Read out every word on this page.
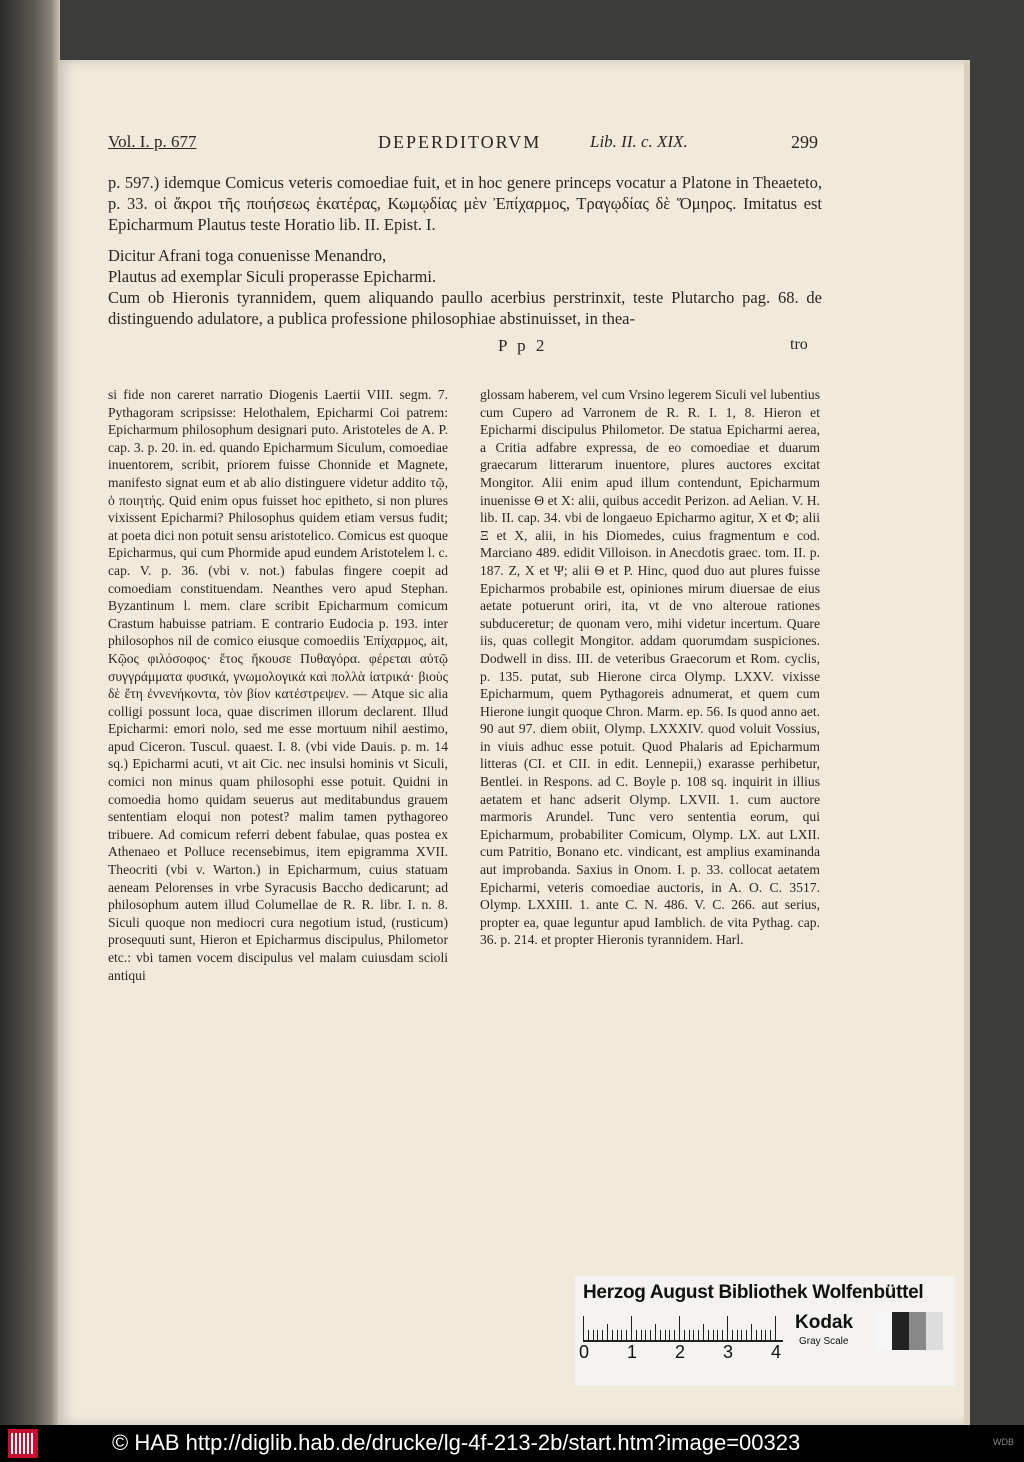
Vol. I. p. 677	DEPERDITORVM	Lib. II. c. XIX.	299

p. 597.) idemque Comicus veteris comoediae fuit, et in hoc genere princeps vocatur a Platone in Theaeteto, p. 33. οἱ ἄκροι τῆς ποιήσεως ἑκατέρας, Κωμῳδίας μὲν Ἐπίχαρμος, Τραγῳδίας δὲ Ὅμηρος. Imitatus est Epicharmum Plautus teste Horatio lib. II. Epist. I.

Dicitur Afrani toga conuenisse Menandro,
Plautus ad exemplar Siculi properasse Epicharmi.

Cum ob Hieronis tyrannidem, quem aliquando paullo acerbius perstrinxit, teste Plutarcho pag. 68. de distinguendo adulatore, a publica professione philosophiae abstinuisset, in thea-

P p 2	tro

si fide non careret narratio Diogenis Laertii VIII. segm. 7. Pythagoram scripsisse: Helothalem, Epicharmi Coi patrem: Epicharmum philosophum designari puto. Aristoteles de A. P. cap. 3. p. 20. in. ed. quando Epicharmum Siculum, comoediae inuentorem, scribit, priorem fuisse Chonnide et Magnete, manifesto signat eum et ab alio distinguere videtur addito τῷ, ὁ ποιητής. Quid enim opus fuisset hoc epitheto, si non plures vixissent Epicharmi? Philosophus quidem etiam versus fudit; at poeta dici non potuit sensu aristotelico. Comicus est quoque Epicharmus, qui cum Phormide apud eundem Aristotelem l. c. cap. V. p. 36. (vbi v. not.) fabulas fingere coepit ad comoediam constituendam. Neanthes vero apud Stephan. Byzantinum l. mem. clare scribit Epicharmum comicum Crastum habuisse patriam. E contrario Eudocia p. 193. inter philosophos nil de comico eiusque comoediis Ἐπίχαρμος, ait, Κῷος φιλόσοφος· ἔτος ἤκουσε Πυθαγόρα. φέρεται αὐτῷ συγγράμματα φυσικά, γνωμολογικά καὶ πολλὰ ἰατρικά· βιοὺς δὲ ἔτη ἐννενήκοντα, τὸν βίον κατέστρεψεν. — Atque sic alia colligi possunt loca, quae discrimen illorum declarent. Illud Epicharmi: emori nolo, sed me esse mortuum nihil aestimo, apud Ciceron. Tuscul. quaest. I. 8. (vbi vide Dauis. p. m. 14 sq.) Epicharmi acuti, vt ait Cic. nec insulsi hominis vt Siculi, comici non minus quam philosophi esse potuit. Quidni in comoedia homo quidam seuerus aut meditabundus grauem sententiam eloqui non potest? malim tamen pythagoreo tribuere. Ad comicum referri debent fabulae, quas postea ex Athenaeo et Polluce recensebimus, item epigramma XVII. Theocriti (vbi v. Warton.) in Epicharmum, cuius statuam aeneam Pelorenses in vrbe Syracusis Baccho dedicarunt; ad philosophum autem illud Columellae de R. R. libr. I. n. 8. Siculi quoque non mediocri cura negotium istud, (rusticum) prosequuti sunt, Hieron et Epicharmus discipulus, Philometor etc.: vbi tamen vocem discipulus vel malam cuiusdam scioli antiqui

glossam haberem, vel cum Vrsino legerem Siculi vel lubentius cum Cupero ad Varronem de R. R. I. 1, 8. Hieron et Epicharmi discipulus Philometor. De statua Epicharmi aerea, a Critia adfabre expressa, de eo comoediae et duarum graecarum litterarum inuentore, plures auctores excitat Mongitor. Alii enim apud illum contendunt, Epicharmum inuenisse Θ et X: alii, quibus accedit Perizon. ad Aelian. V. H. lib. II. cap. 34. vbi de longaeuo Epicharmo agitur, X et Φ; alii Ξ et X, alii, in his Diomedes, cuius fragmentum e cod. Marciano 489. edidit Villoison. in Anecdotis graec. tom. II. p. 187. Z, X et Ψ; alii Θ et P. Hinc, quod duo aut plures fuisse Epicharmos probabile est, opiniones mirum diuersae de eius aetate potuerunt oriri, ita, vt de vno alteroue rationes subduceretur; de quonam vero, mihi videtur incertum. Quare iis, quas collegit Mongitor. addam quorumdam suspiciones. Dodwell in diss. III. de veteribus Graecorum et Rom. cyclis, p. 135. putat, sub Hierone circa Olymp. LXXV. vixisse Epicharmum, quem Pythagoreis adnumerat, et quem cum Hierone iungit quoque Chron. Marm. ep. 56. Is quod anno aet. 90 aut 97. diem obiit, Olymp. LXXXIV. quod voluit Vossius, in viuis adhuc esse potuit. Quod Phalaris ad Epicharmum litteras (CI. et CII. in edit. Lennepii,) exarasse perhibetur, Bentlei. in Respons. ad C. Boyle p. 108 sq. inquirit in illius aetatem et hanc adserit Olymp. LXVII. 1. cum auctore marmoris Arundel. Tunc vero sententia eorum, qui Epicharmum, probabiliter Comicum, Olymp. LX. aut LXII. cum Patritio, Bonano etc. vindicant, est amplius examinanda aut improbanda. Saxius in Onom. I. p. 33. collocat aetatem Epicharmi, veteris comoediae auctoris, in A. O. C. 3517. Olymp. LXXIII. 1. ante C. N. 486. V. C. 266. aut serius, propter ea, quae leguntur apud Iamblich. de vita Pythag. cap. 36. p. 214. et propter Hieronis tyrannidem. Harl.

Herzog August Bibliothek Wolfenbüttel
0 1 2 3 4
Kodak
Gray Scale
© HAB http://diglib.hab.de/drucke/lg-4f-213-2b/start.htm?image=00323	WDB
